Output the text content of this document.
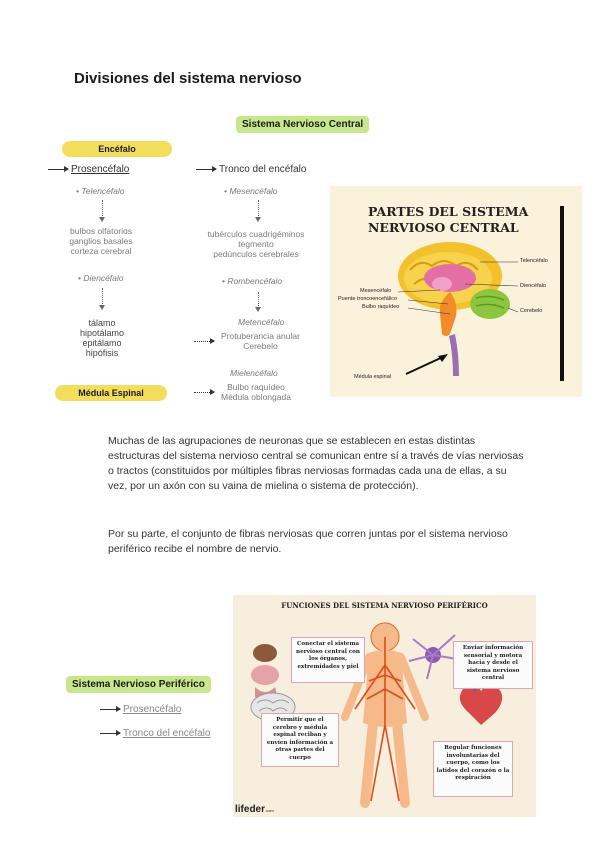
Divisiones del sistema nervioso
Sistema Nervioso Central
Encéfalo
Prosencéfalo
• Telencéfalo
bulbos olfatorios
ganglios basales
corteza cerebral
• Diencéfalo
tálamo
hipotálamo
epitálamo
hipófisis
Médula Espinal
Tronco del encéfalo
• Mesencéfalo
tubérculos cuadrigéminos
tegmento
pedúnculos cerebrales
• Rombencéfalo
Metencéfalo
Protuberancia anular
Cerebelo
Mielencéfalo
Bulbo raquídeo
Médula oblongada
PARTES DEL SISTEMA
NERVIOSO CENTRAL
Telencéfalo
Diencéfalo
Cerebelo
Mesencéfalo
Puente troncoencefálico
Bulbo raquídeo
Médula espinal
Muchas de las agrupaciones de neuronas que se establecen en estas distintas estructuras del sistema nervioso central se comunican entre sí a través de vías nerviosas o tractos (constituidos por múltiples fibras nerviosas formadas cada una de ellas, a su vez, por un axón con su vaina de mielina o sistema de protección).
Por su parte, el conjunto de fibras nerviosas que corren juntas por el sistema nervioso periférico recibe el nombre de nervio.
Sistema Nervioso Periférico
Prosencéfalo
Tronco del encéfalo
FUNCIONES DEL SISTEMA NERVIOSO PERIFÉRICO
Conectar el sistema nervioso central con los órganos, extremidades y piel
Enviar información sensorial y motora hacia y desde el sistema nervioso central
Permitir que el cerebro y médula espinal reciban y envíen información a otras partes del cuerpo
Regular funciones involuntarias del cuerpo, como los latidos del corazón o la respiración
lifeder.com
